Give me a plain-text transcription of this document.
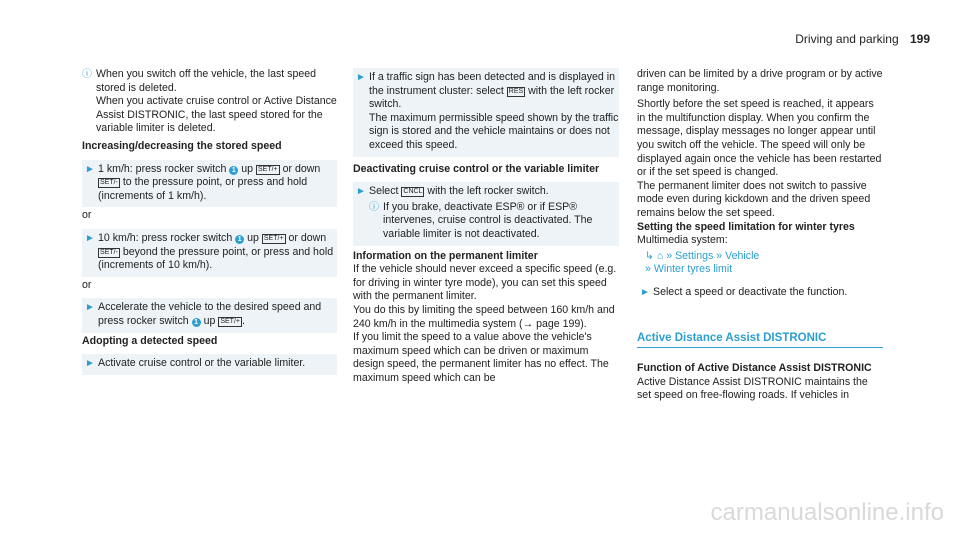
Driving and parking 199
ⓘ When you switch off the vehicle, the last speed stored is deleted.

When you activate cruise control or Active Distance Assist DISTRONIC, the last speed stored for the variable limiter is deleted.

Increasing/decreasing the stored speed

► 1 km/h: press rocker switch 1 up SET/+ or down SET/- to the pressure point, or press and hold (increments of 1 km/h).

or

► 10 km/h: press rocker switch 1 up SET/+ or down SET/- beyond the pressure point, or press and hold (increments of 10 km/h).

or

► Accelerate the vehicle to the desired speed and press rocker switch 1 up SET/+ .

Adopting a detected speed

► Activate cruise control or the variable limiter.
► If a traffic sign has been detected and is displayed in the instrument cluster: select RES with the left rocker switch.

The maximum permissible speed shown by the traffic sign is stored and the vehicle maintains or does not exceed this speed.

Deactivating cruise control or the variable limiter

► Select CNCL with the left rocker switch.
ⓘ If you brake, deactivate ESP® or if ESP® intervenes, cruise control is deactivated. The variable limiter is not deactivated.

Information on the permanent limiter

If the vehicle should never exceed a specific speed (e.g. for driving in winter tyre mode), you can set this speed with the permanent limiter.

You do this by limiting the speed between 160 km/h and 240 km/h in the multimedia system (→ page 199).

If you limit the speed to a value above the vehicle's maximum speed which can be driven or maximum design speed, the permanent limiter has no effect. The maximum speed which can be

driven can be limited by a drive program or by active range monitoring.

Shortly before the set speed is reached, it appears in the multifunction display. When you confirm the message, display messages no longer appear until you switch off the vehicle. The speed will only be displayed again once the vehicle has been restarted or if the set speed is changed.

The permanent limiter does not switch to passive mode even during kickdown and the driven speed remains below the set speed.

Setting the speed limitation for winter tyres

Multimedia system:

↳ ⌂ » Settings » Vehicle
» Winter tyres limit
► Select a speed or deactivate the function.
Active Distance Assist DISTRONIC

Function of Active Distance Assist DISTRONIC

Active Distance Assist DISTRONIC maintains the set speed on free-flowing roads. If vehicles in

carmanualsonline.info
